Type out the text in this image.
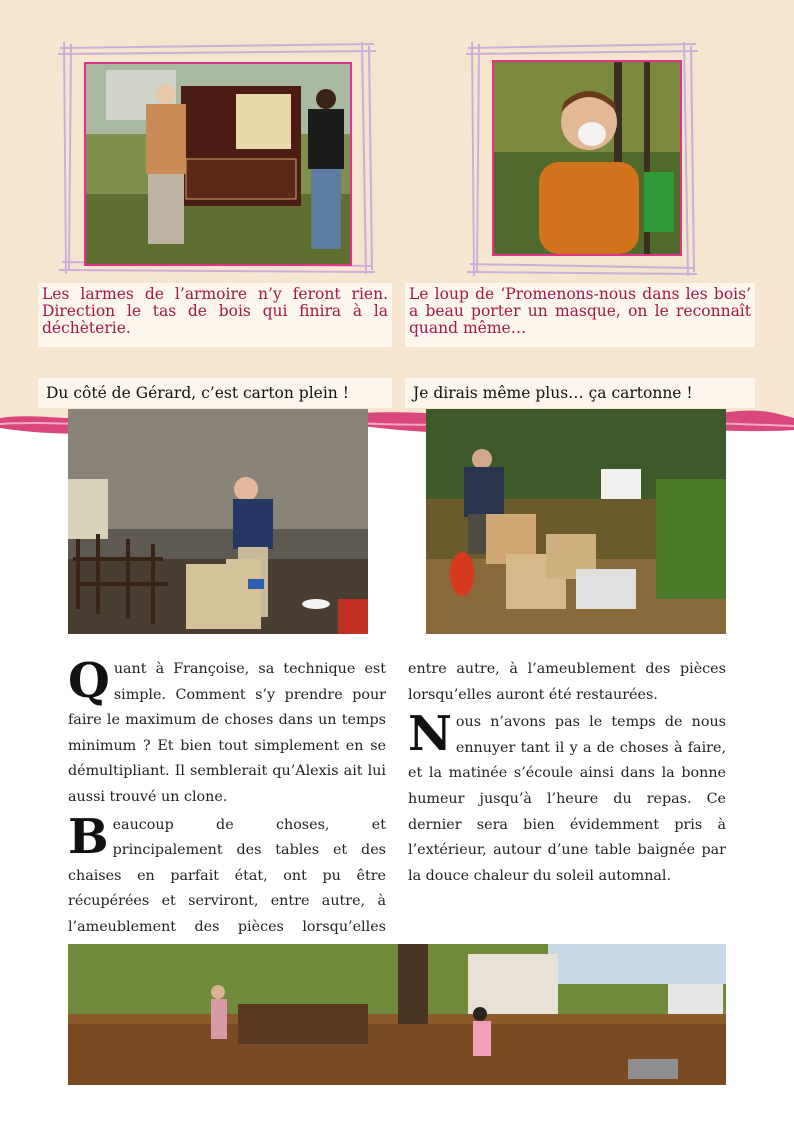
Les larmes de l’armoire n’y feront rien. Direction le tas de bois qui finira à la déchèterie.
Le loup de ‘Promenons-nous dans les bois’ a beau porter un masque, on le reconnaît quand même…
Du côté de Gérard, c’est carton plein !	Je dirais même plus… ça cartonne !

Quant à Françoise, sa technique est simple. Comment s’y prendre pour faire le maximum de choses dans un temps minimum ? Et bien tout simplement en se démultipliant. Il semblerait qu’Alexis ait lui aussi trouvé un clone.

Beaucoup de choses, et principalement des tables et des chaises en parfait état, ont pu être récupérées et serviront, entre autre, à l’ameublement des pièces lorsqu’elles

entre autre, à l’ameublement des pièces lorsqu’elles auront été restaurées.

Nous n’avons pas le temps de nous ennuyer tant il y a de choses à faire, et la matinée s’écoule ainsi dans la bonne humeur jusqu’à l’heure du repas. Ce dernier sera bien évidemment pris à l’extérieur, autour d’une table baignée par la douce chaleur du soleil automnal.
